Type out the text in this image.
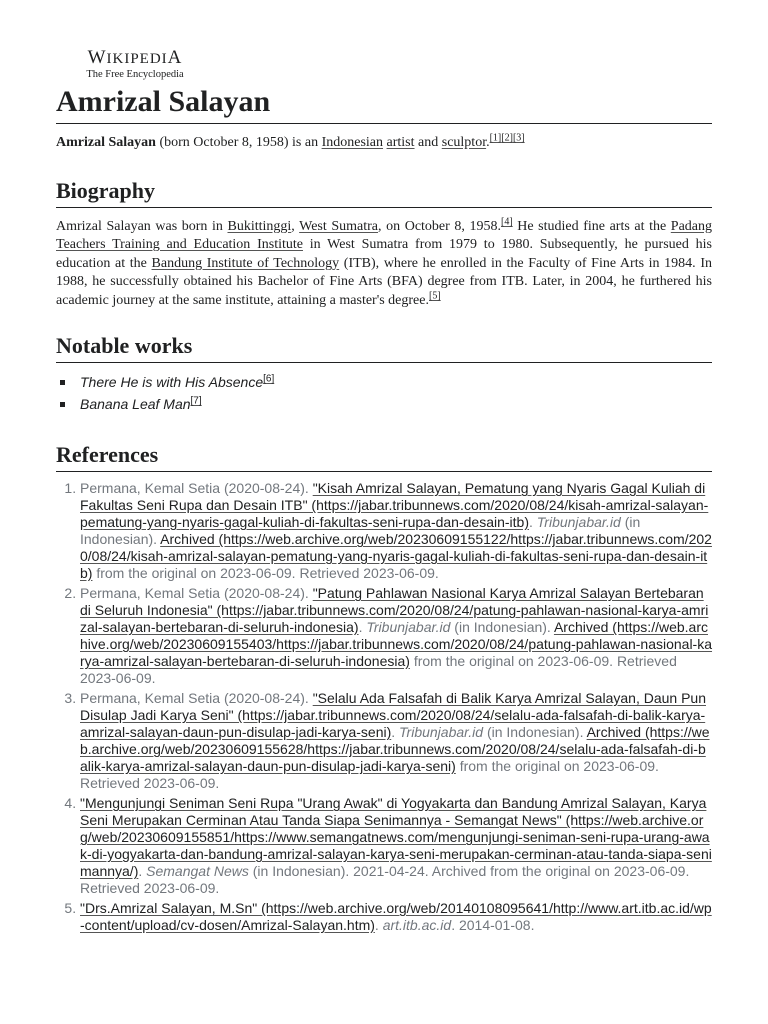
WIKIPEDIA
The Free Encyclopedia
Amrizal Salayan

Amrizal Salayan (born October 8, 1958) is an Indonesian artist and sculptor.[1][2][3]

Biography

Amrizal Salayan was born in Bukittinggi, West Sumatra, on October 8, 1958.[4] He studied fine arts at the Padang Teachers Training and Education Institute in West Sumatra from 1979 to 1980. Subsequently, he pursued his education at the Bandung Institute of Technology (ITB), where he enrolled in the Faculty of Fine Arts in 1984. In 1988, he successfully obtained his Bachelor of Fine Arts (BFA) degree from ITB. Later, in 2004, he furthered his academic journey at the same institute, attaining a master's degree.[5]

Notable works
There He is with His Absence[6]
Banana Leaf Man[7]
References
1. Permana, Kemal Setia (2020-08-24). "Kisah Amrizal Salayan, Pematung yang Nyaris Gagal Kuliah di Fakultas Seni Rupa dan Desain ITB" (https://jabar.tribunnews.com/2020/08/24/kisah-amrizal-salayan-pematung-yang-nyaris-gagal-kuliah-di-fakultas-seni-rupa-dan-desain-itb). Tribunjabar.id (in Indonesian). Archived (https://web.archive.org/web/20230609155122/https://jabar.tribunnews.com/2020/08/24/kisah-amrizal-salayan-pematung-yang-nyaris-gagal-kuliah-di-fakultas-seni-rupa-dan-desain-itb) from the original on 2023-06-09. Retrieved 2023-06-09.
2. Permana, Kemal Setia (2020-08-24). "Patung Pahlawan Nasional Karya Amrizal Salayan Bertebaran di Seluruh Indonesia" (https://jabar.tribunnews.com/2020/08/24/patung-pahlawan-nasional-karya-amrizal-salayan-bertebaran-di-seluruh-indonesia). Tribunjabar.id (in Indonesian). Archived (https://web.archive.org/web/20230609155403/https://jabar.tribunnews.com/2020/08/24/patung-pahlawan-nasional-karya-amrizal-salayan-bertebaran-di-seluruh-indonesia) from the original on 2023-06-09. Retrieved 2023-06-09.
3. Permana, Kemal Setia (2020-08-24). "Selalu Ada Falsafah di Balik Karya Amrizal Salayan, Daun Pun Disulap Jadi Karya Seni" (https://jabar.tribunnews.com/2020/08/24/selalu-ada-falsafah-di-balik-karya-amrizal-salayan-daun-pun-disulap-jadi-karya-seni). Tribunjabar.id (in Indonesian). Archived (https://web.archive.org/web/20230609155628/https://jabar.tribunnews.com/2020/08/24/selalu-ada-falsafah-di-balik-karya-amrizal-salayan-daun-pun-disulap-jadi-karya-seni) from the original on 2023-06-09. Retrieved 2023-06-09.
4. "Mengunjungi Seniman Seni Rupa "Urang Awak" di Yogyakarta dan Bandung Amrizal Salayan, Karya Seni Merupakan Cerminan Atau Tanda Siapa Senimannya - Semangat News" (https://web.archive.org/web/20230609155851/https://www.semangatnews.com/mengunjungi-seniman-seni-rupa-urang-awak-di-yogyakarta-dan-bandung-amrizal-salayan-karya-seni-merupakan-cerminan-atau-tanda-siapa-senimannya/). Semangat News (in Indonesian). 2021-04-24. Archived from the original on 2023-06-09. Retrieved 2023-06-09.
5. "Drs.Amrizal Salayan, M.Sn" (https://web.archive.org/web/20140108095641/http://www.art.itb.ac.id/wp-content/upload/cv-dosen/Amrizal-Salayan.htm). art.itb.ac.id. 2014-01-08.
